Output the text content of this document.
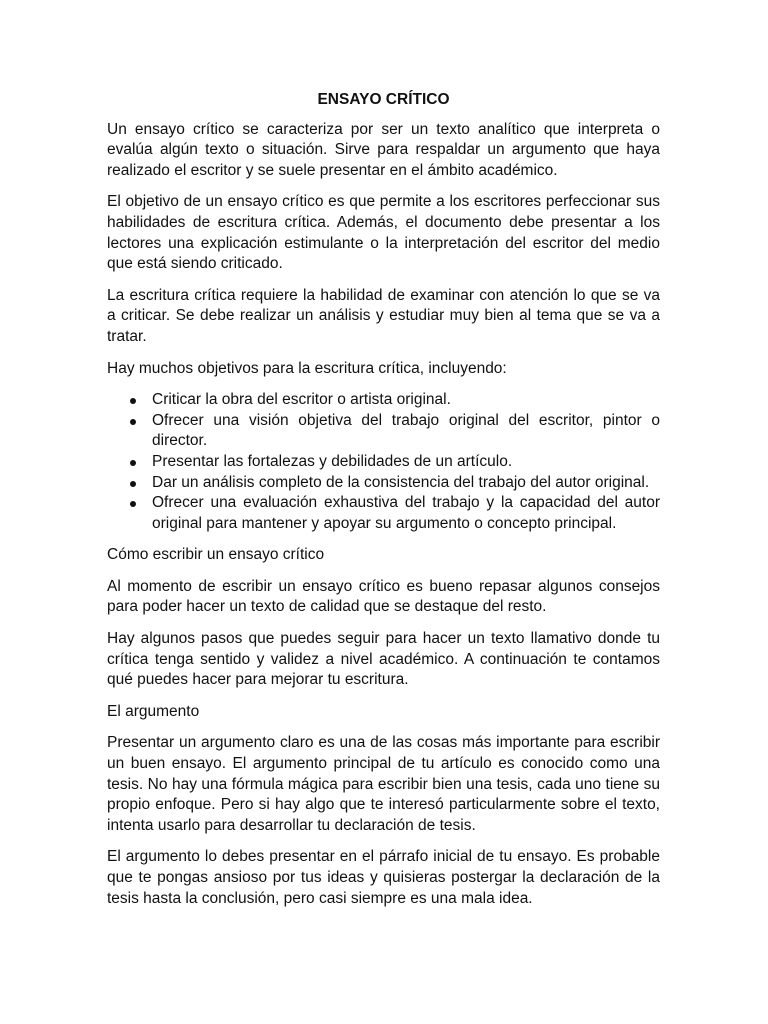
ENSAYO CRÍTICO
Un ensayo crítico se caracteriza por ser un texto analítico que interpreta o evalúa algún texto o situación. Sirve para respaldar un argumento que haya realizado el escritor y se suele presentar en el ámbito académico.
El objetivo de un ensayo crítico es que permite a los escritores perfeccionar sus habilidades de escritura crítica. Además, el documento debe presentar a los lectores una explicación estimulante o la interpretación del escritor del medio que está siendo criticado.
La escritura crítica requiere la habilidad de examinar con atención lo que se va a criticar. Se debe realizar un análisis y estudiar muy bien al tema que se va a tratar.
Hay muchos objetivos para la escritura crítica, incluyendo:
Criticar la obra del escritor o artista original.
Ofrecer una visión objetiva del trabajo original del escritor, pintor o director.
Presentar las fortalezas y debilidades de un artículo.
Dar un análisis completo de la consistencia del trabajo del autor original.
Ofrecer una evaluación exhaustiva del trabajo y la capacidad del autor original para mantener y apoyar su argumento o concepto principal.
Cómo escribir un ensayo crítico
Al momento de escribir un ensayo crítico es bueno repasar algunos consejos para poder hacer un texto de calidad que se destaque del resto.
Hay algunos pasos que puedes seguir para hacer un texto llamativo donde tu crítica tenga sentido y validez a nivel académico. A continuación te contamos qué puedes hacer para mejorar tu escritura.
El argumento
Presentar un argumento claro es una de las cosas más importante para escribir un buen ensayo. El argumento principal de tu artículo es conocido como una tesis. No hay una fórmula mágica para escribir bien una tesis, cada uno tiene su propio enfoque. Pero si hay algo que te interesó particularmente sobre el texto, intenta usarlo para desarrollar tu declaración de tesis.
El argumento lo debes presentar en el párrafo inicial de tu ensayo. Es probable que te pongas ansioso por tus ideas y quisieras postergar la declaración de la tesis hasta la conclusión, pero casi siempre es una mala idea.
